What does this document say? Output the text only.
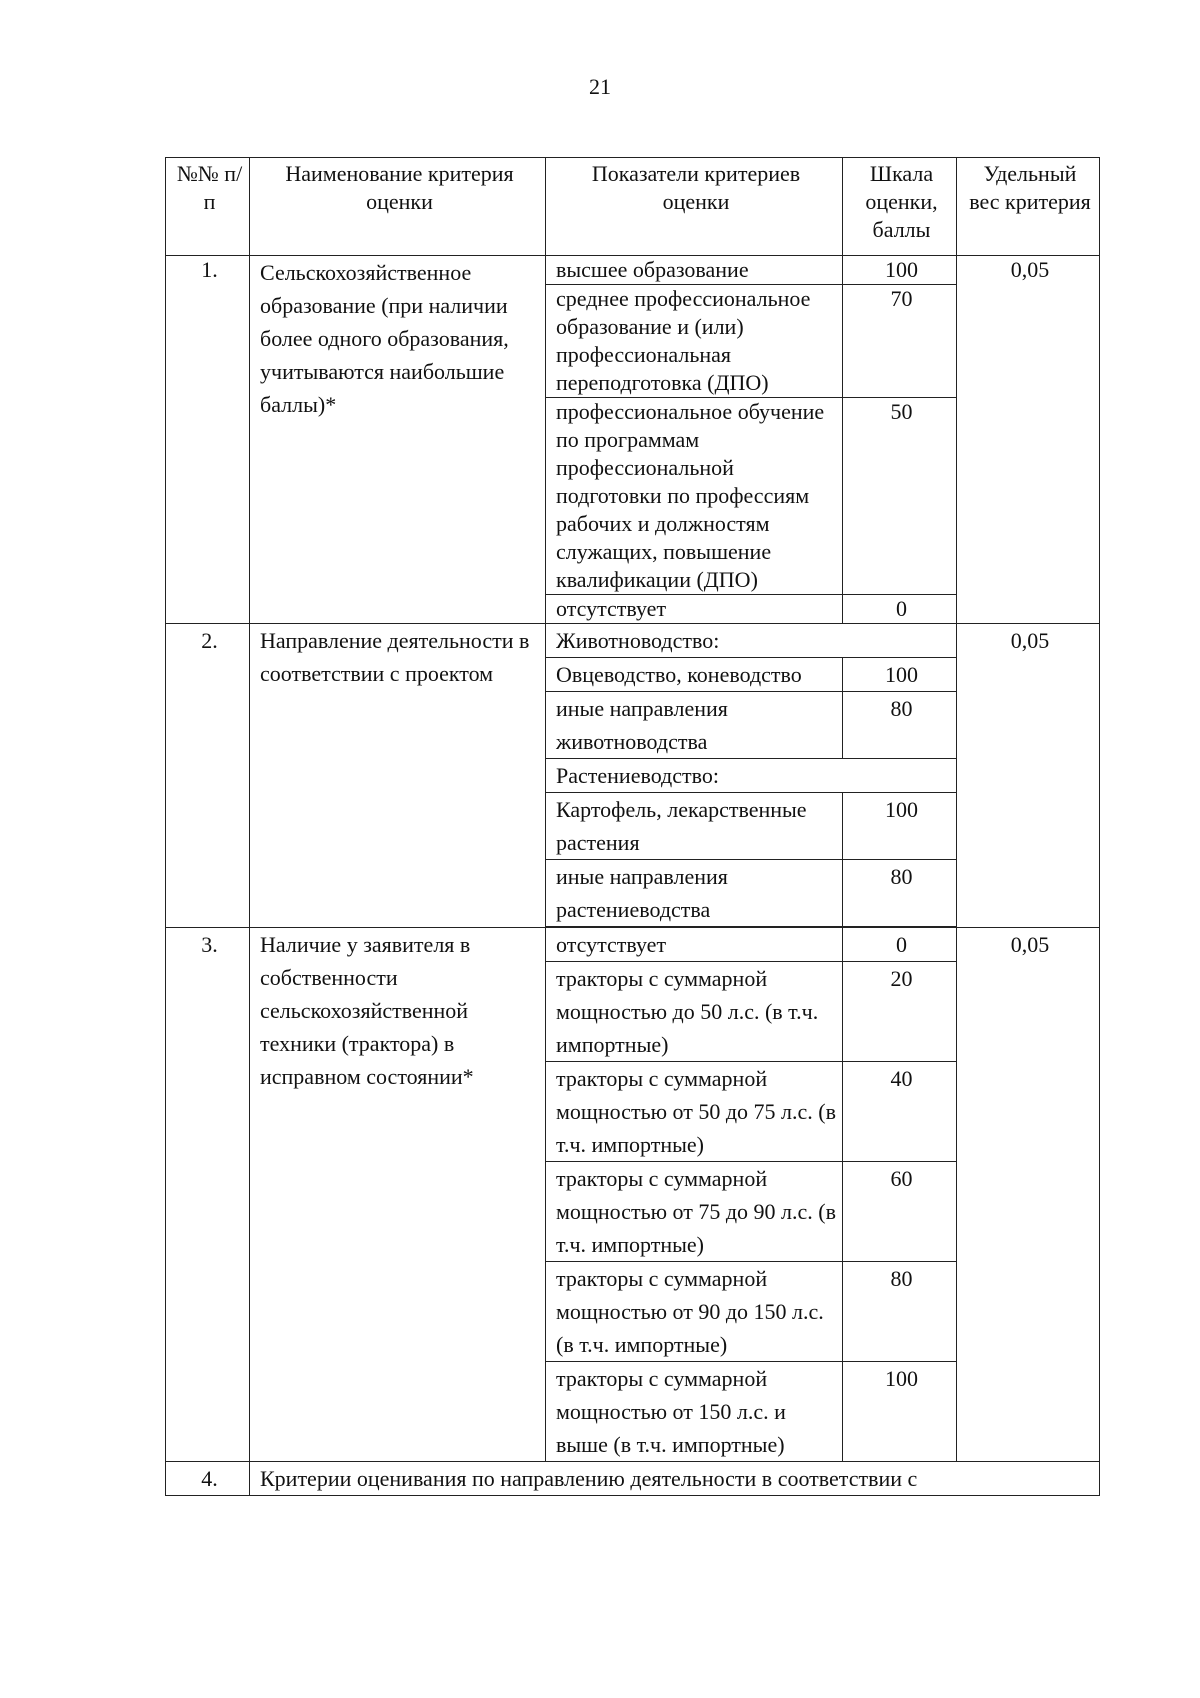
21
№№ п/п	Наименование критерия оценки	Показатели критериев оценки	Шкала оценки, баллы	Удельный вес критерия
1.	Сельскохозяйственное образование (при наличии более одного образования, учитываются наибольшие баллы)*	высшее образование	100	0,05
		среднее профессиональное образование и (или) профессиональная переподготовка (ДПО)	70	
		профессиональное обучение по программам профессиональной подготовки по профессиям рабочих и должностям служащих, повышение квалификации (ДПО)	50	
		отсутствует	0	
2.	Направление деятельности в соответствии с проектом	Животноводство:		0,05
		Овцеводство, коневодство	100	
		иные направления животноводства	80	
		Растениеводство:		
		Картофель, лекарственные растения	100	
		иные направления растениеводства	80	

3.	Наличие у заявителя в собственности сельскохозяйственной техники (трактора) в исправном состоянии*	отсутствует	0	0,05
		тракторы с суммарной мощностью до 50 л.с. (в т.ч. импортные)	20	
		тракторы с суммарной мощностью от 50 до 75 л.с. (в т.ч. импортные)	40	
		тракторы с суммарной мощностью от 75 до 90 л.с. (в т.ч. импортные)	60	
		тракторы с суммарной мощностью от 90 до 150 л.с. (в т.ч. импортные)	80	
		тракторы с суммарной мощностью от 150 л.с. и выше (в т.ч. импортные)	100	
4.	Критерии оценивания по направлению деятельности в соответствии с			
